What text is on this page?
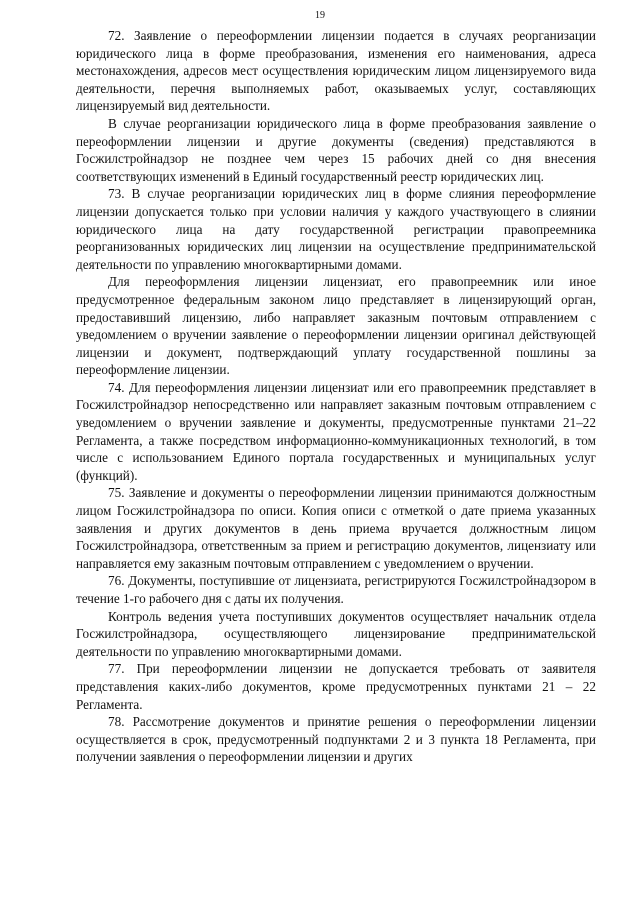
19

72. Заявление о переоформлении лицензии подается в случаях реорганизации юридического лица в форме преобразования, изменения его наименования, адреса местонахождения, адресов мест осуществления юридическим лицом лицензируемого вида деятельности, перечня выполняемых работ, оказываемых услуг, составляющих лицензируемый вид деятельности.

В случае реорганизации юридического лица в форме преобразования заявление о переоформлении лицензии и другие документы (сведения) представляются в Госжилстройнадзор не позднее чем через 15 рабочих дней со дня внесения соответствующих изменений в Единый государственный реестр юридических лиц.

73. В случае реорганизации юридических лиц в форме слияния переоформление лицензии допускается только при условии наличия у каждого участвующего в слиянии юридического лица на дату государственной регистрации правопреемника реорганизованных юридических лиц лицензии на осуществление предпринимательской деятельности по управлению многоквартирными домами.

Для переоформления лицензии лицензиат, его правопреемник или иное предусмотренное федеральным законом лицо представляет в лицензирующий орган, предоставивший лицензию, либо направляет заказным почтовым отправлением с уведомлением о вручении заявление о переоформлении лицензии оригинал действующей лицензии и документ, подтверждающий уплату государственной пошлины за переоформление лицензии.

74. Для переоформления лицензии лицензиат или его правопреемник представляет в Госжилстройнадзор непосредственно или направляет заказным почтовым отправлением с уведомлением о вручении заявление и документы, предусмотренные пунктами 21–22 Регламента, а также посредством информационно-коммуникационных технологий, в том числе с использованием Единого портала государственных и муниципальных услуг (функций).

75. Заявление и документы о переоформлении лицензии принимаются должностным лицом Госжилстройнадзора по описи. Копия описи с отметкой о дате приема указанных заявления и других документов в день приема вручается должностным лицом Госжилстройнадзора, ответственным за прием и регистрацию документов, лицензиату или направляется ему заказным почтовым отправлением с уведомлением о вручении.

76. Документы, поступившие от лицензиата, регистрируются Госжилстройнадзором в течение 1-го рабочего дня с даты их получения.

Контроль ведения учета поступивших документов осуществляет начальник отдела Госжилстройнадзора, осуществляющего лицензирование предпринимательской деятельности по управлению многоквартирными домами.

77. При переоформлении лицензии не допускается требовать от заявителя представления каких-либо документов, кроме предусмотренных пунктами 21 – 22 Регламента.

78. Рассмотрение документов и принятие решения о переоформлении лицензии осуществляется в срок, предусмотренный подпунктами 2 и 3 пункта 18 Регламента, при получении заявления о переоформлении лицензии и других
